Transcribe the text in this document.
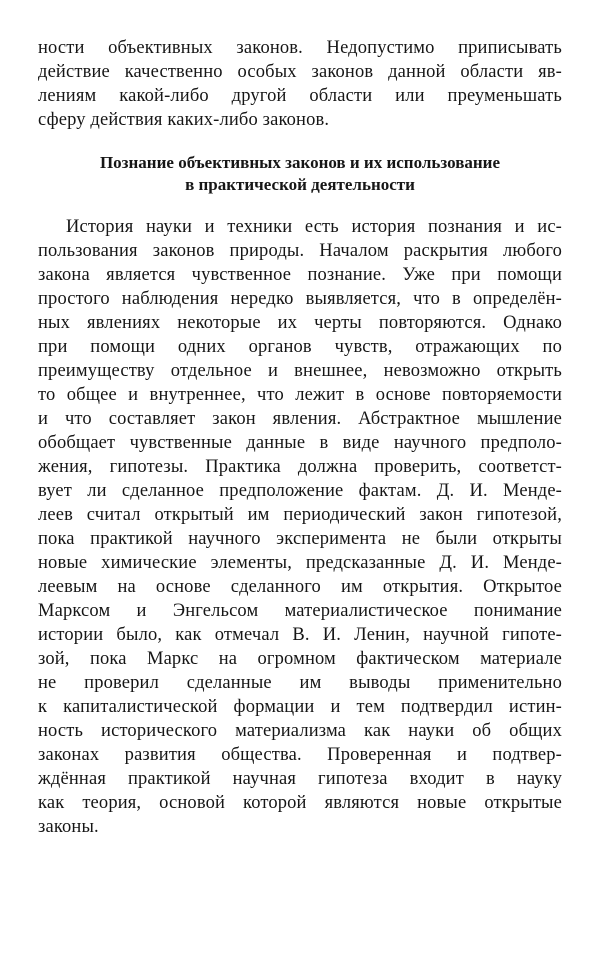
ности объективных законов. Недопустимо приписывать
действие качественно особых законов данной области яв-
лениям какой-либо другой области или преуменьшать
сферу действия каких-либо законов.
Познание объективных законов и их использование
в практической деятельности
История науки и техники есть история познания и ис-
пользования законов природы. Началом раскрытия любого
закона является чувственное познание. Уже при помощи
простого наблюдения нередко выявляется, что в определён-
ных явлениях некоторые их черты повторяются. Однако
при помощи одних органов чувств, отражающих по
преимуществу отдельное и внешнее, невозможно открыть
то общее и внутреннее, что лежит в основе повторяемости
и что составляет закон явления. Абстрактное мышление
обобщает чувственные данные в виде научного предполо-
жения, гипотезы. Практика должна проверить, соответст-
вует ли сделанное предположение фактам. Д. И. Менде-
леев считал открытый им периодический закон гипотезой,
пока практикой научного эксперимента не были открыты
новые химические элементы, предсказанные Д. И. Менде-
леевым на основе сделанного им открытия. Открытое
Марксом и Энгельсом материалистическое понимание
истории было, как отмечал В. И. Ленин, научной гипоте-
зой, пока Маркс на огромном фактическом материале
не проверил сделанные им выводы применительно
к капиталистической формации и тем подтвердил истин-
ность исторического материализма как науки об общих
законах развития общества. Проверенная и подтвер-
ждённая практикой научная гипотеза входит в науку
как теория, основой которой являются новые открытые
законы.
